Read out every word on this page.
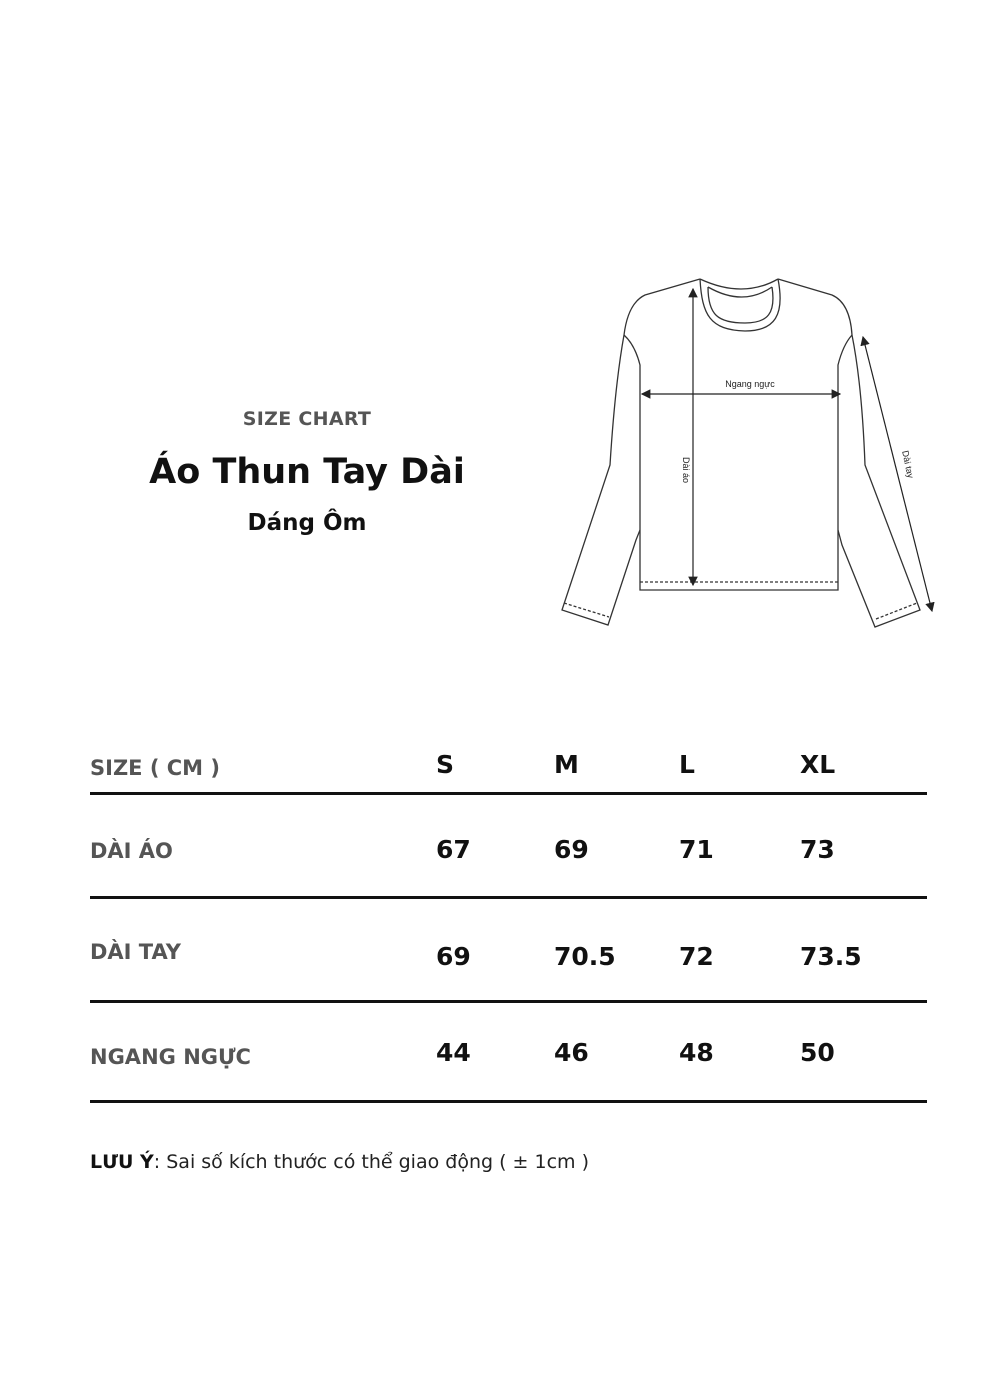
SIZE CHART
Áo Thun Tay Dài
Dáng Ôm
Ngang ngực
Dài áo	Dài tay
SIZE ( CM )	S	M	L	XL
DÀI ÁO	67	69	71	73
DÀI TAY	69	70.5	72	73.5
NGANG NGỰC	44	46	48	50
LƯU Ý: Sai số kích thước có thể giao động ( ± 1cm )
